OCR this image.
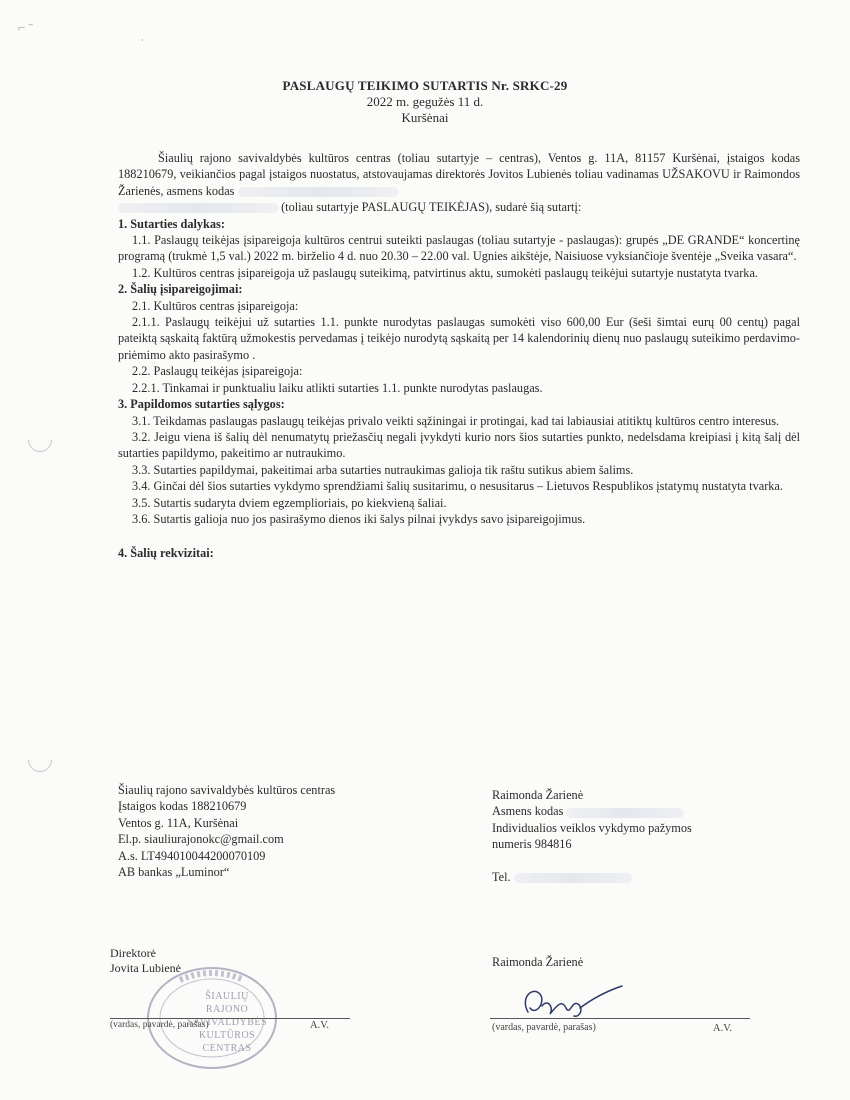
⌐ ˉ
ˈ
PASLAUGŲ TEIKIMO SUTARTIS Nr. SRKC-29
2022 m. gegužės 11 d.
Kuršėnai

Šiaulių rajono savivaldybės kultūros centras (toliau sutartyje – centras), Ventos g. 11A, 81157 Kuršėnai, įstaigos kodas 188210679, veikiančios pagal įstaigos nuostatus, atstovaujamas direktorės Jovitos Lubienės toliau vadinamas UŽSAKOVU ir Raimondos Žarienės, asmens kodas
(toliau sutartyje PASLAUGŲ TEIKĖJAS), sudarė šią sutartį:

1. Sutarties dalykas:

1.1. Paslaugų teikėjas įsipareigoja kultūros centrui suteikti paslaugas (toliau sutartyje - paslaugas): grupės „DE GRANDE“ koncertinę programą (trukmė 1,5 val.) 2022 m. birželio 4 d. nuo 20.30 – 22.00 val. Ugnies aikštėje, Naisiuose vyksiančioje šventėje „Sveika vasara“.

1.2. Kultūros centras įsipareigoja už paslaugų suteikimą, patvirtinus aktu, sumokėti paslaugų teikėjui sutartyje nustatyta tvarka.

2. Šalių įsipareigojimai:

2.1. Kultūros centras įsipareigoja:

2.1.1. Paslaugų teikėjui už sutarties 1.1. punkte nurodytas paslaugas sumokėti viso 600,00 Eur (šeši šimtai eurų 00 centų) pagal pateiktą sąskaitą faktūrą užmokestis pervedamas į teikėjo nurodytą sąskaitą per 14 kalendorinių dienų nuo paslaugų suteikimo perdavimo-priėmimo akto pasirašymo .

2.2. Paslaugų teikėjas įsipareigoja:

2.2.1. Tinkamai ir punktualiu laiku atlikti sutarties 1.1. punkte nurodytas paslaugas.

3. Papildomos sutarties sąlygos:

3.1. Teikdamas paslaugas paslaugų teikėjas privalo veikti sąžiningai ir protingai, kad tai labiausiai atitiktų kultūros centro interesus.

3.2. Jeigu viena iš šalių dėl nenumatytų priežasčių negali įvykdyti kurio nors šios sutarties punkto, nedelsdama kreipiasi į kitą šalį dėl sutarties papildymo, pakeitimo ar nutraukimo.

3.3. Sutarties papildymai, pakeitimai arba sutarties nutraukimas galioja tik raštu sutikus abiem šalims.

3.4. Ginčai dėl šios sutarties vykdymo sprendžiami šalių susitarimu, o nesusitarus – Lietuvos Respublikos įstatymų nustatyta tvarka.

3.5. Sutartis sudaryta dviem egzemplioriais, po kiekvieną šaliai.

3.6. Sutartis galioja nuo jos pasirašymo dienos iki šalys pilnai įvykdys savo įsipareigojimus.

4. Šalių rekvizitai:

Šiaulių rajono savivaldybės kultūros centras
Įstaigos kodas 188210679
Ventos g. 11A, Kuršėnai
El.p. siauliurajonokc@gmail.com
A.s. LT494010044200070109
AB bankas „Luminor“
Raimonda Žarienė
Asmens kodas
Individualios veiklos vykdymo pažymos
numeris 984816
Tel.
Direktorė
Jovita Lubienė
ŠIAULIŲ
RAJONO
SAVIVALDYBĖS
KULTŪROS
CENTRAS
(vardas, pavardė, parašas)	A.V.
Raimonda Žarienė
(vardas, pavardė, parašas)	A.V.
